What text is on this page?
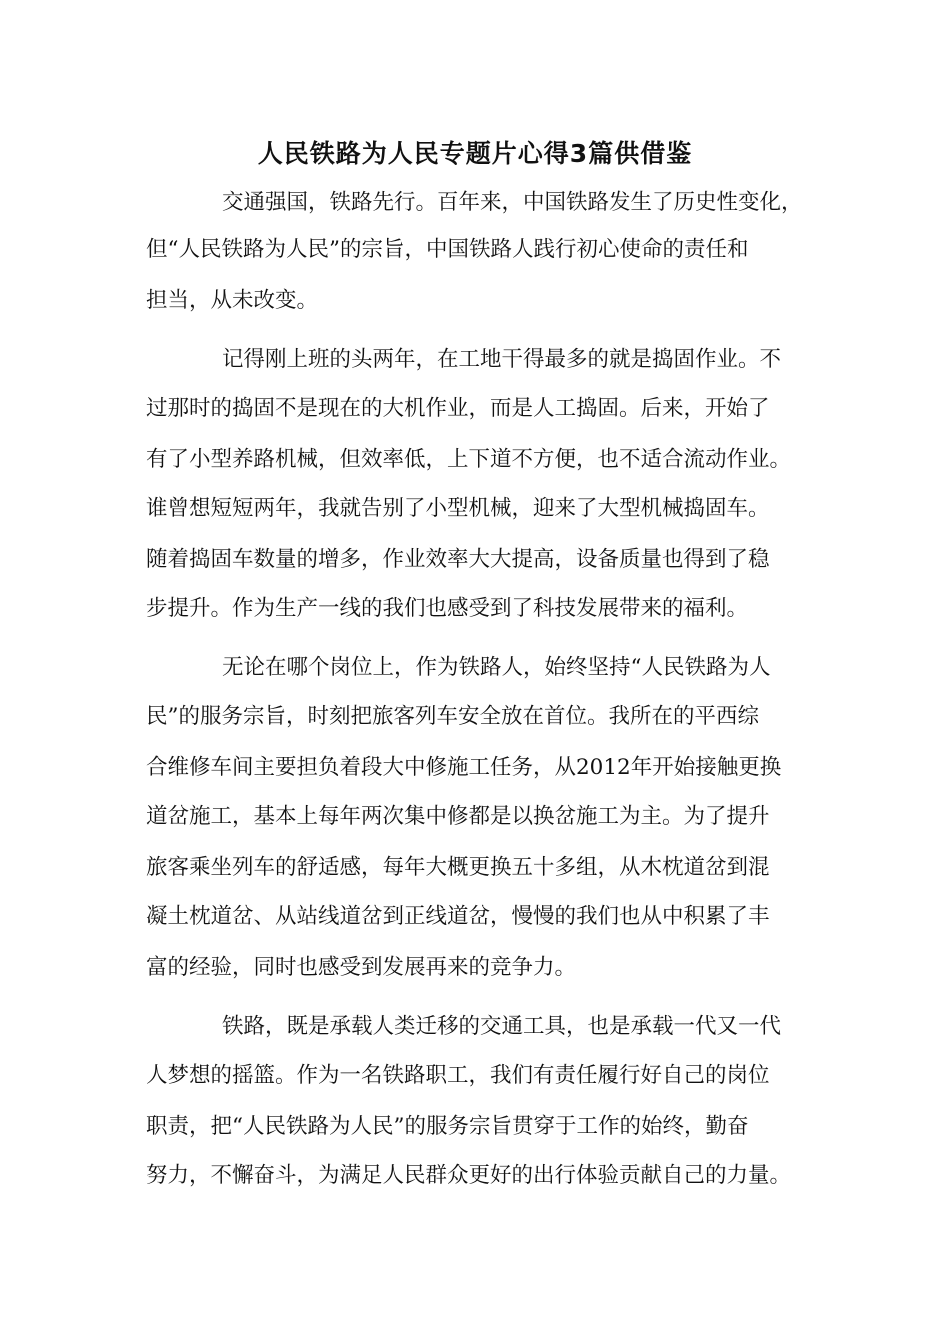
人民铁路为人民专题片心得3篇供借鉴

交通强国，铁路先行。百年来，中国铁路发生了历史性变化，

但“人民铁路为人民”的宗旨，中国铁路人践行初心使命的责任和

担当，从未改变。

记得刚上班的头两年，在工地干得最多的就是捣固作业。不

过那时的捣固不是现在的大机作业，而是人工捣固。后来，开始了

有了小型养路机械，但效率低，上下道不方便，也不适合流动作业。

谁曾想短短两年，我就告别了小型机械，迎来了大型机械捣固车。

随着捣固车数量的增多，作业效率大大提高，设备质量也得到了稳

步提升。作为生产一线的我们也感受到了科技发展带来的福利。

无论在哪个岗位上，作为铁路人，始终坚持“人民铁路为人

民”的服务宗旨，时刻把旅客列车安全放在首位。我所在的平西综

合维修车间主要担负着段大中修施工任务，从2012年开始接触更换

道岔施工，基本上每年两次集中修都是以换岔施工为主。为了提升

旅客乘坐列车的舒适感，每年大概更换五十多组，从木枕道岔到混

凝土枕道岔、从站线道岔到正线道岔，慢慢的我们也从中积累了丰

富的经验，同时也感受到发展再来的竞争力。

铁路，既是承载人类迁移的交通工具，也是承载一代又一代

人梦想的摇篮。作为一名铁路职工，我们有责任履行好自己的岗位

职责，把“人民铁路为人民”的服务宗旨贯穿于工作的始终，勤奋

努力，不懈奋斗，为满足人民群众更好的出行体验贡献自己的力量。
